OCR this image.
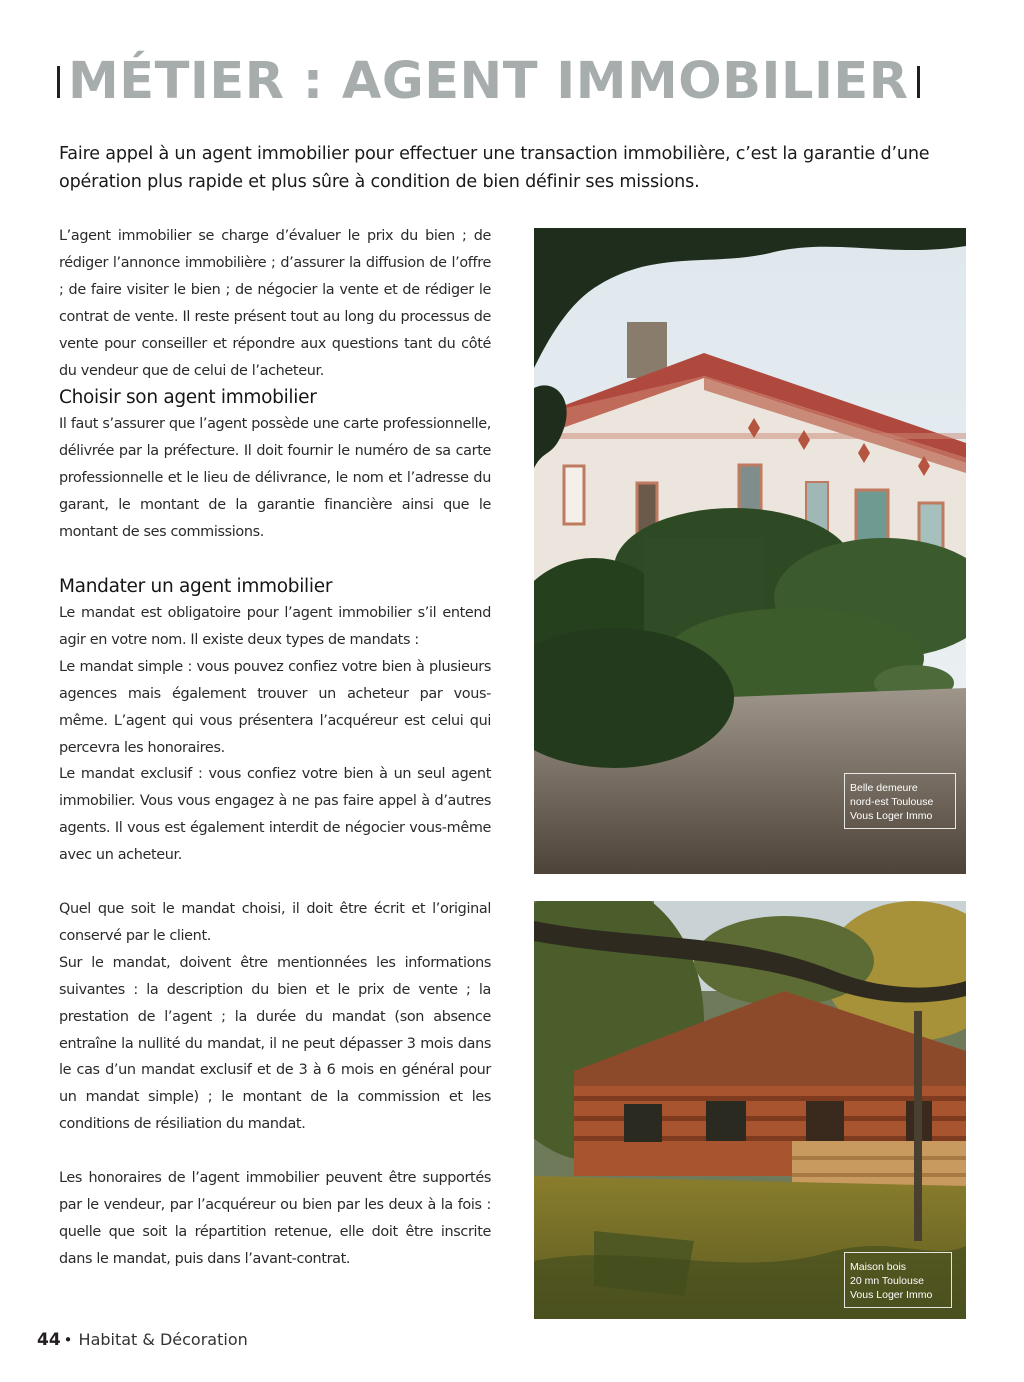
MÉTIER : AGENT IMMOBILIER

Faire appel à un agent immobilier pour effectuer une transaction immobilière, c’est la garantie d’une opération plus rapide et plus sûre à condition de bien définir ses missions.

L’agent immobilier se charge d’évaluer le prix du bien ; de rédiger l’annonce immobilière ; d’assurer la diffusion de l’offre ; de faire visiter le bien ; de négocier la vente et de rédiger le contrat de vente. Il reste présent tout au long du processus de vente pour conseiller et répondre aux questions tant du côté du vendeur que de celui de l’acheteur.

Choisir son agent immobilier

Il faut s’assurer que l’agent possède une carte professionnelle, délivrée par la préfecture. Il doit fournir le numéro de sa carte professionnelle et le lieu de délivrance, le nom et l’adresse du garant, le montant de la garantie financière ainsi que le montant de ses commissions.

Mandater un agent immobilier

Le mandat est obligatoire pour l’agent immobilier s’il entend agir en votre nom. Il existe deux types de mandats :

Le mandat simple : vous pouvez confiez votre bien à plusieurs agences mais également trouver un acheteur par vous-même. L’agent qui vous présentera l’acquéreur est celui qui percevra les honoraires.

Le mandat exclusif : vous confiez votre bien à un seul agent immobilier. Vous vous engagez à ne pas faire appel à d’autres agents. Il vous est également interdit de négocier vous-même avec un acheteur.

Quel que soit le mandat choisi, il doit être écrit et l’original conservé par le client.

Sur le mandat, doivent être mentionnées les informations suivantes : la description du bien et le prix de vente ; la prestation de l’agent ; la durée du mandat (son absence entraîne la nullité du mandat, il ne peut dépasser 3 mois dans le cas d’un mandat exclusif et de 3 à 6 mois en général pour un mandat simple) ; le montant de la commission et les conditions de résiliation du mandat.

Les honoraires de l’agent immobilier peuvent être supportés par le vendeur, par l’acquéreur ou bien par les deux à la fois : quelle que soit la répartition retenue, elle doit être inscrite dans le mandat, puis dans l’avant-contrat.

Belle demeure
nord-est Toulouse
Vous Loger Immo
Maison bois
20 mn Toulouse
Vous Loger Immo
44 • Habitat & Décoration
